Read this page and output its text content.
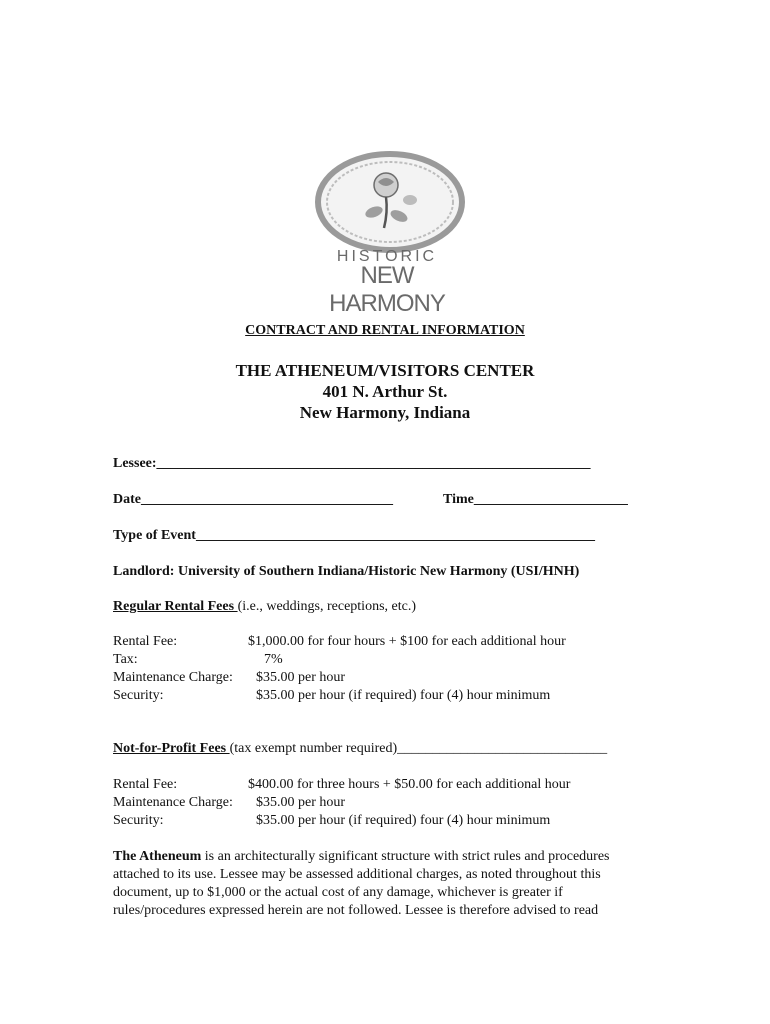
HISTORIC
NEW HARMONY
CONTRACT AND RENTAL INFORMATION
THE ATHENEUM/VISITORS CENTER
401 N. Arthur St.
New Harmony, Indiana
Lessee:______________________________________________________________
Date____________________________________	Time______________________
Type of Event_________________________________________________________
Landlord: University of Southern Indiana/Historic New Harmony (USI/HNH)
Regular Rental Fees (i.e., weddings, receptions, etc.)
Rental Fee:	$1,000.00 for four hours + $100 for each additional hour
Tax:	7%
Maintenance Charge: $35.00 per hour
Security:	$35.00 per hour (if required) four (4) hour minimum
Not-for-Profit Fees (tax exempt number required)______________________________
Rental Fee:	$400.00 for three hours + $50.00 for each additional hour
Maintenance Charge: $35.00 per hour
Security:	$35.00 per hour (if required) four (4) hour minimum
The Atheneum is an architecturally significant structure with strict rules and procedures attached to its use. Lessee may be assessed additional charges, as noted throughout this document, up to $1,000 or the actual cost of any damage, whichever is greater if rules/procedures expressed herein are not followed. Lessee is therefore advised to read
